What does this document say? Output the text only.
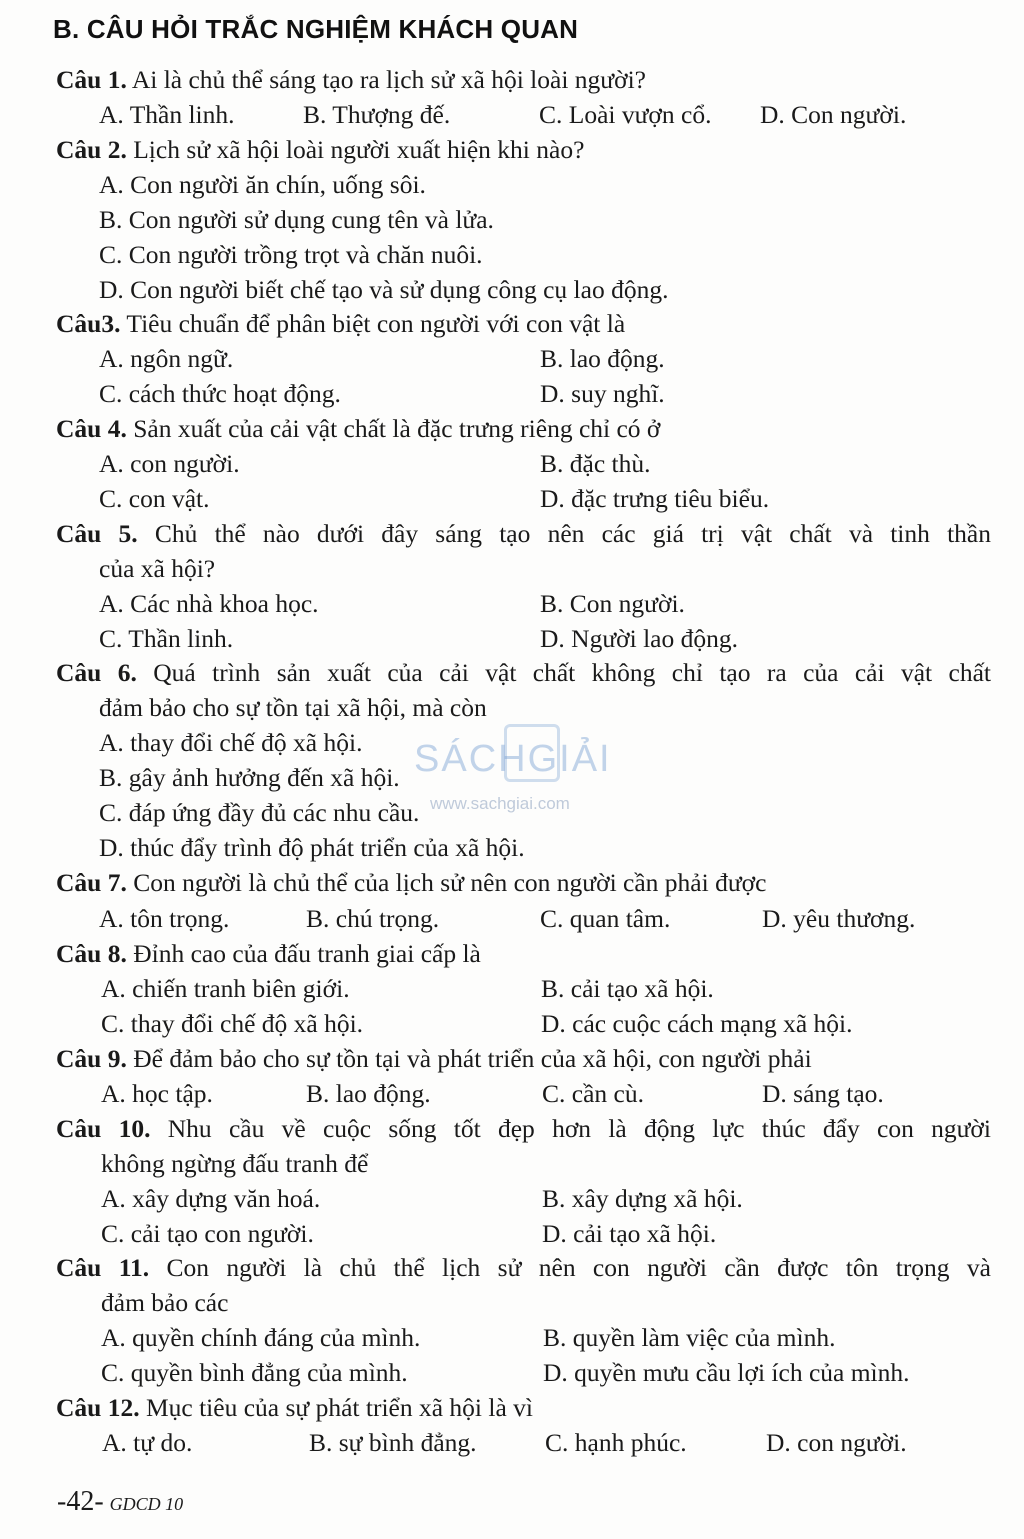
B. CÂU HỎI TRẮC NGHIỆM KHÁCH QUAN
Câu 1. Ai là chủ thể sáng tạo ra lịch sử xã hội loài người?
A. Thần linh.	B. Thượng đế.	C. Loài vượn cổ. D. Con người.
Câu 2. Lịch sử xã hội loài người xuất hiện khi nào?
A. Con người ăn chín, uống sôi.
B. Con người sử dụng cung tên và lửa.
C. Con người trồng trọt và chăn nuôi.
D. Con người biết chế tạo và sử dụng công cụ lao động.
Câu3. Tiêu chuẩn để phân biệt con người với con vật là
A. ngôn ngữ.	B. lao động.
C. cách thức hoạt động.	D. suy nghĩ.
Câu 4. Sản xuất của cải vật chất là đặc trưng riêng chỉ có ở
A. con người.	B. đặc thù.
C. con vật.	D. đặc trưng tiêu biểu.
Câu 5. Chủ thể nào dưới đây sáng tạo nên các giá trị vật chất và tinh thần
của xã hội?
A. Các nhà khoa học.	B. Con người.
C. Thần linh.	D. Người lao động.
Câu 6. Quá trình sản xuất của cải vật chất không chỉ tạo ra của cải vật chất
đảm bảo cho sự tồn tại xã hội, mà còn
A. thay đổi chế độ xã hội.
B. gây ảnh hưởng đến xã hội.
C. đáp ứng đầy đủ các nhu cầu.
D. thúc đẩy trình độ phát triển của xã hội.
Câu 7. Con người là chủ thể của lịch sử nên con người cần phải được
A. tôn trọng.	B. chú trọng.	C. quan tâm.	D. yêu thương.
Câu 8. Đỉnh cao của đấu tranh giai cấp là
A. chiến tranh biên giới.	B. cải tạo xã hội.
C. thay đổi chế độ xã hội.	D. các cuộc cách mạng xã hội.
Câu 9. Để đảm bảo cho sự tồn tại và phát triển của xã hội, con người phải
A. học tập.	B. lao động.	C. cần cù.	D. sáng tạo.
Câu 10. Nhu cầu về cuộc sống tốt đẹp hơn là động lực thúc đẩy con người
không ngừng đấu tranh để
A. xây dựng văn hoá.	B. xây dựng xã hội.
C. cải tạo con người.	D. cải tạo xã hội.
Câu 11. Con người là chủ thể lịch sử nên con người cần được tôn trọng và
đảm bảo các
A. quyền chính đáng của mình.	B. quyền làm việc của mình.
C. quyền bình đẳng của mình.	D. quyền mưu cầu lợi ích của mình.
Câu 12. Mục tiêu của sự phát triển xã hội là vì
A. tự do.	B. sự bình đẳng.	C. hạnh phúc.	D. con người.
SÁCHGIẢI
www.sachgiai.com
-42- GDCD 10
